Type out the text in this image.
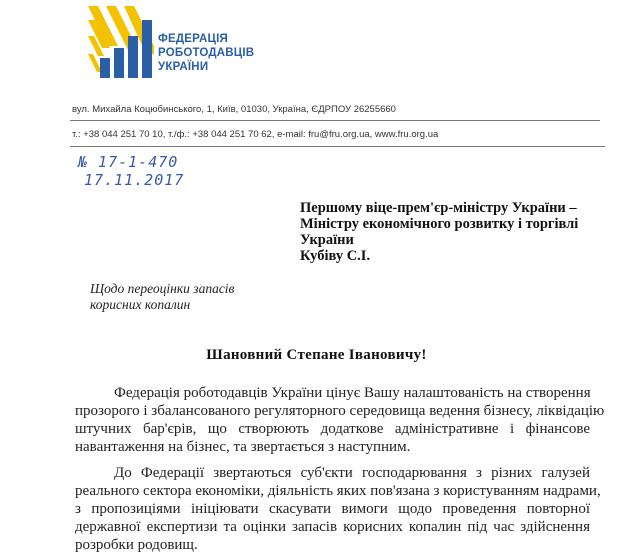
ФЕДЕРАЦІЯ
РОБОТОДАВЦІВ
УКРАЇНИ
вул. Михайла Коцюбинського, 1, Київ, 01030, Україна, ЄДРПОУ 26255660
т.: +38 044 251 70 10, т./ф.: +38 044 251 70 62, e-mail: fru@fru.org.ua, www.fru.org.ua
№ 17-1-470
17.11.2017
Першому віце-прем'єр-міністру України –
Міністру економічного розвитку і торгівлі
України
Кубіву С.І.
Щодо переоцінки запасів
корисних копалин
Шановний Степане Івановичу!
Федерація роботодавців України цінує Вашу налаштованість на створення
прозорого і збалансованого регуляторного середовища ведення бізнесу, ліквідацію
штучних бар'єрів, що створюють додаткове адміністративне і фінансове
навантаження на бізнес, та звертається з наступним.
До Федерації звертаються суб'єкти господарювання з різних галузей
реального сектора економіки, діяльність яких пов'язана з користуванням надрами,
з пропозиціями ініціювати скасувати вимоги щодо проведення повторної
державної експертизи та оцінки запасів корисних копалин під час здійснення
розробки родовищ.
